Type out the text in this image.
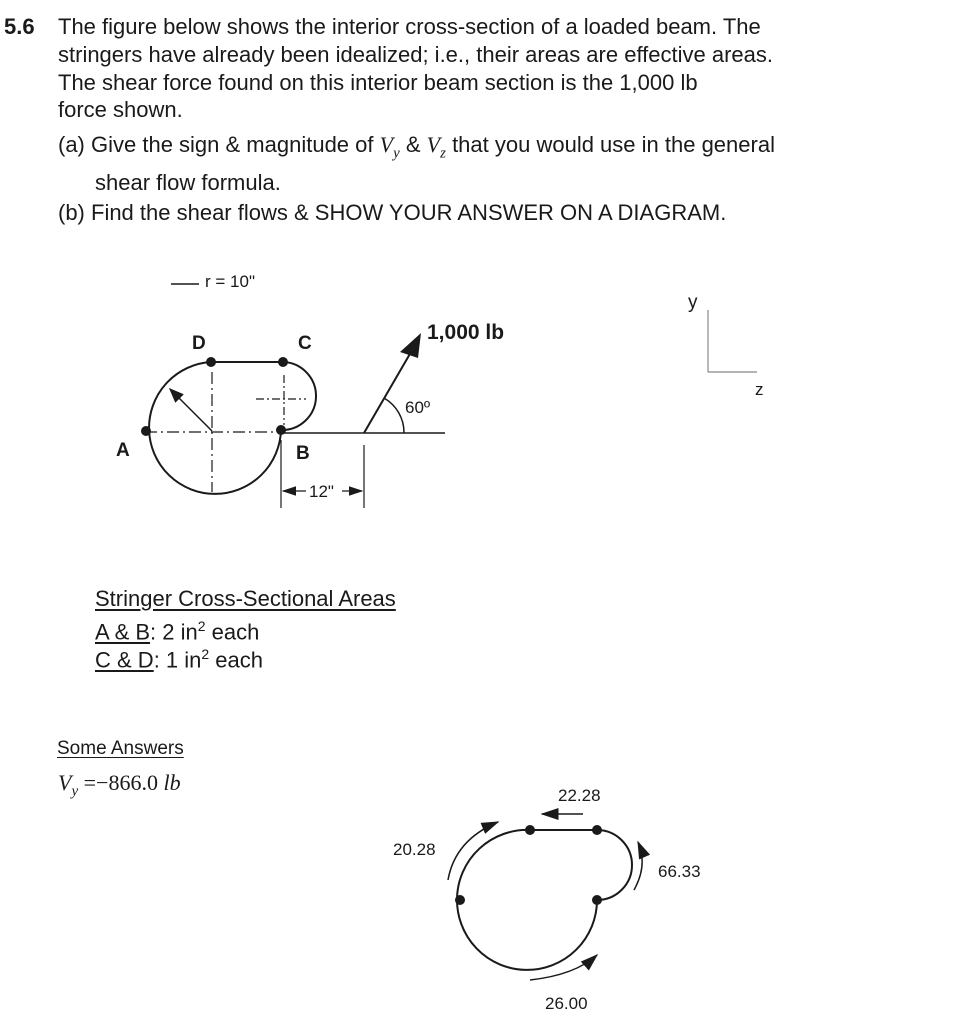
5.6 The figure below shows the interior cross-section of a loaded beam. The
stringers have already been idealized; i.e., their areas are effective areas.
The shear force found on this interior beam section is the 1,000 lb
force shown.
(a) Give the sign & magnitude of $V_y$ & $V_z$ that you would use in the general
shear flow formula.
(b) Find the shear flows & SHOW YOUR ANSWER ON A DIAGRAM.
r = 10"
D	C
A	B
1,000 lb
60º
12"
y
z
Stringer Cross-Sectional Areas
A & B: 2 $in^2$ each
C & D: 1 $in^2$ each
Some Answers
$V_y =-866.0$ lb
22.28
20.28
66.33
26.00
